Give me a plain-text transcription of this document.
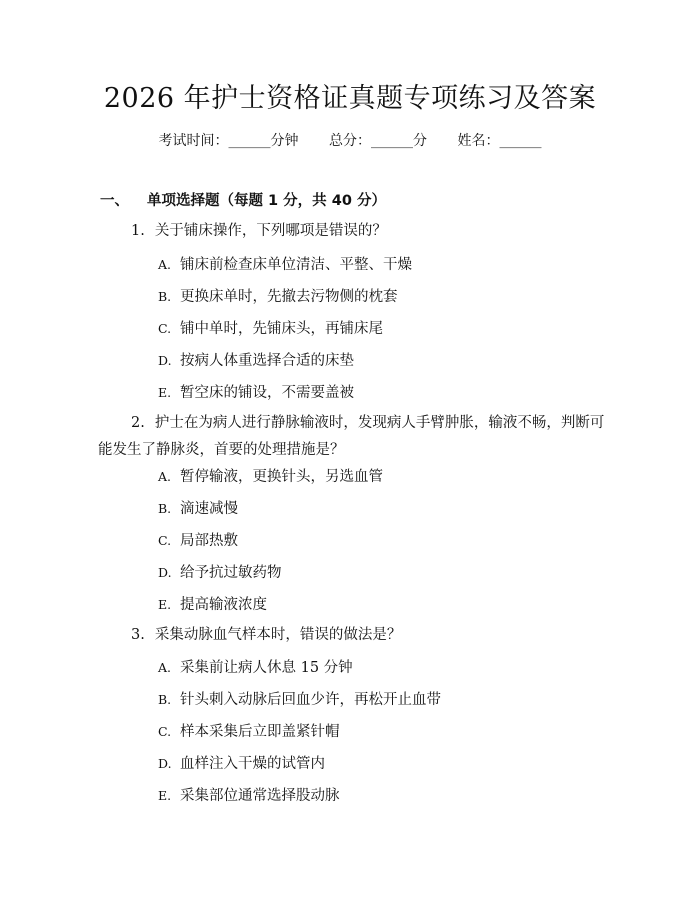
2026 年护士资格证真题专项练习及答案
考试时间：______分钟 总分：______分 姓名：______
一、 单项选择题（每题 1 分，共 40 分）
1. 关于铺床操作，下列哪项是错误的？
A. 铺床前检查床单位清洁、平整、干燥
B. 更换床单时，先撤去污物侧的枕套
C. 铺中单时，先铺床头，再铺床尾
D. 按病人体重选择合适的床垫
E. 暂空床的铺设，不需要盖被
2. 护士在为病人进行静脉输液时，发现病人手臂肿胀，输液不畅，判断可能发生了静脉炎，首要的处理措施是？
A. 暂停输液，更换针头，另选血管
B. 滴速减慢
C. 局部热敷
D. 给予抗过敏药物
E. 提高输液浓度
3. 采集动脉血气样本时，错误的做法是？
A. 采集前让病人休息 15 分钟
B. 针头刺入动脉后回血少许，再松开止血带
C. 样本采集后立即盖紧针帽
D. 血样注入干燥的试管内
E. 采集部位通常选择股动脉
